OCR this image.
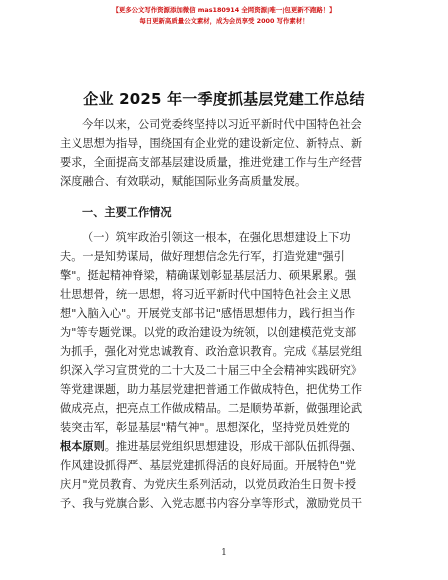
【更多公文写作资源添加微信 mas180914 全网资源|唯一|包更新不跑路！】
每日更新高质量公文素材，成为会员享受 2000 写作素材！
企业 2025 年一季度抓基层党建工作总结
今年以来，公司党委终坚持以习近平新时代中国特色社会
主义思想为指导，围绕国有企业党的建设新定位、新特点、新
要求，全面提高支部基层建设质量，推进党建工作与生产经营
深度融合、有效联动，赋能国际业务高质量发展。
一、主要工作情况
（一）筑牢政治引领这一根本，在强化思想建设上下功
夫。一是知势谋局，做好理想信念先行军，打造党建"强引
擎"。挺起精神脊梁，精确谋划彰显基层活力、硕果累累。强
壮思想骨，统一思想，将习近平新时代中国特色社会主义思
想"入脑入心"。开展党支部书记"感悟思想伟力，践行担当作
为"等专题党课。以党的政治建设为统领，以创建模范党支部
为抓手，强化对党忠诚教育、政治意识教育。完成《基层党组
织深入学习宣贯党的二十大及二十届三中全会精神实践研究》
等党建课题，助力基层党建把普通工作做成特色，把优势工作
做成亮点，把亮点工作做成精品。二是顺势革新，做强理论武
装突击军，彰显基层"精气神"。思想深化，坚持党员姓党的
根本原则。推进基层党组织思想建设，形成干部队伍抓得强、
作风建设抓得严、基层党建抓得活的良好局面。开展特色"党
庆月"党员教育、为党庆生系列活动，以党员政治生日贺卡授
予、我与党旗合影、入党志愿书内容分享等形式，激励党员干
1
